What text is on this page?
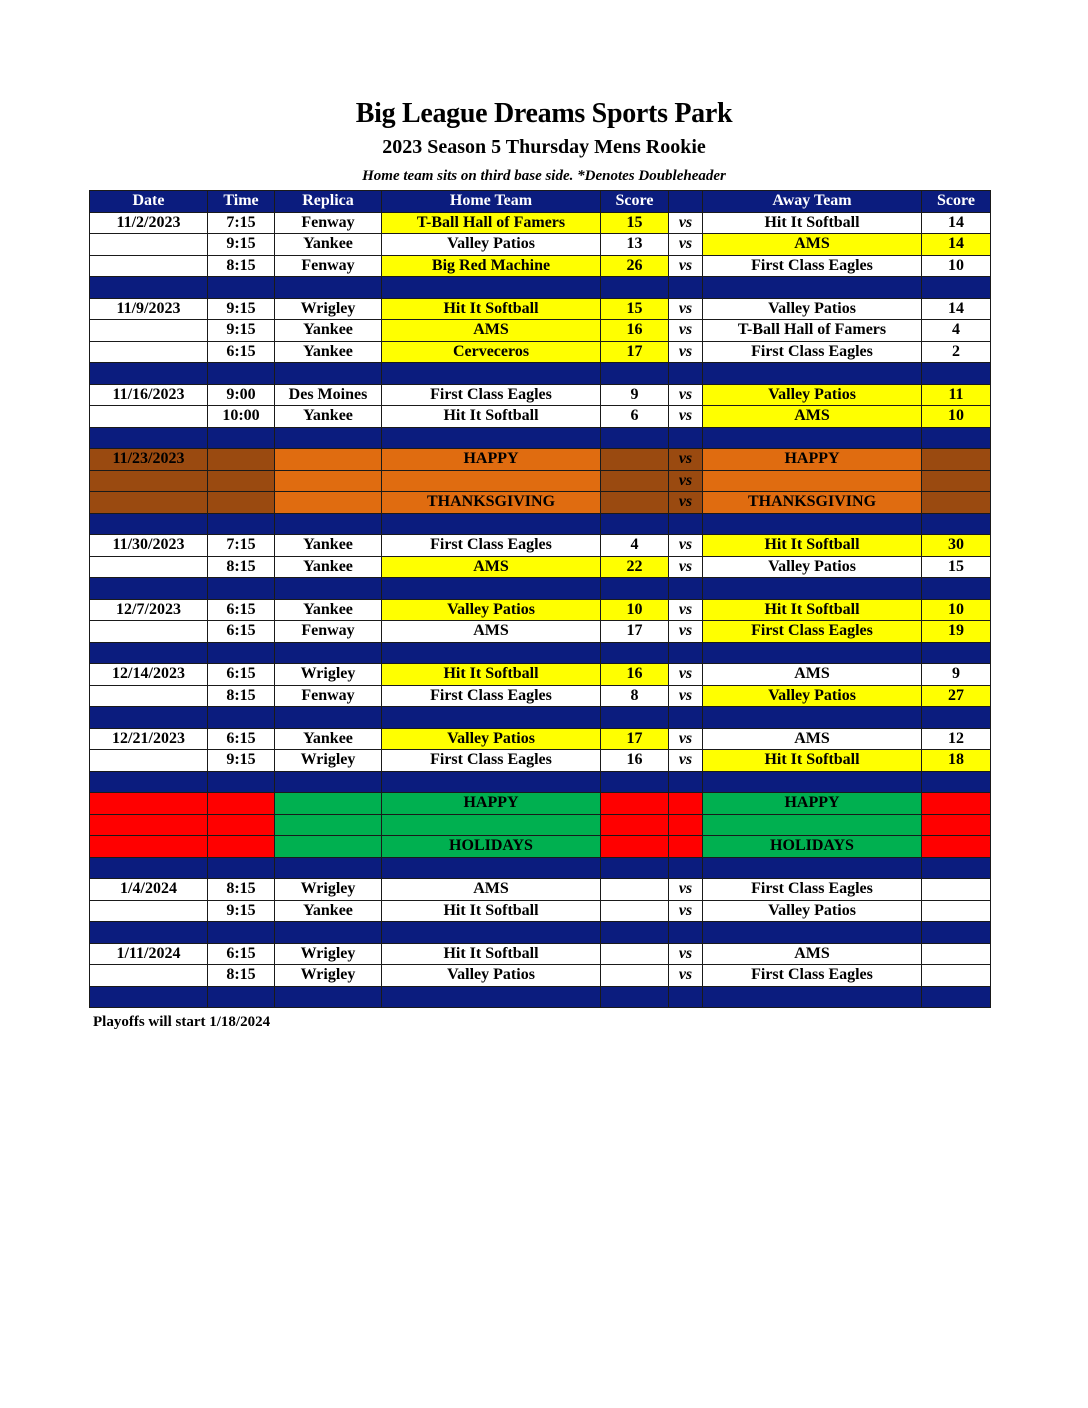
Big League Dreams Sports Park
2023 Season 5 Thursday Mens Rookie
Home team sits on third base side. *Denotes Doubleheader
Date	Time	Replica	Home Team	Score		Away Team	Score
11/2/2023	7:15	Fenway	T-Ball Hall of Famers	15	vs	Hit It Softball	14
	9:15	Yankee	Valley Patios	13	vs	AMS	14
	8:15	Fenway	Big Red Machine	26	vs	First Class Eagles	10

11/9/2023	9:15	Wrigley	Hit It Softball	15	vs	Valley Patios	14
	9:15	Yankee	AMS	16	vs	T-Ball Hall of Famers	4
	6:15	Yankee	Cerveceros	17	vs	First Class Eagles	2

11/16/2023	9:00	Des Moines	First Class Eagles	9	vs	Valley Patios	11
	10:00	Yankee	Hit It Softball	6	vs	AMS	10

11/23/2023			HAPPY		vs	HAPPY	
					vs		
			THANKSGIVING		vs	THANKSGIVING	

11/30/2023	7:15	Yankee	First Class Eagles	4	vs	Hit It Softball	30
	8:15	Yankee	AMS	22	vs	Valley Patios	15

12/7/2023	6:15	Yankee	Valley Patios	10	vs	Hit It Softball	10
	6:15	Fenway	AMS	17	vs	First Class Eagles	19

12/14/2023	6:15	Wrigley	Hit It Softball	16	vs	AMS	9
	8:15	Fenway	First Class Eagles	8	vs	Valley Patios	27

12/21/2023	6:15	Yankee	Valley Patios	17	vs	AMS	12
	9:15	Wrigley	First Class Eagles	16	vs	Hit It Softball	18

12/28/2023			HAPPY		vs	HAPPY	
					vs		
			HOLIDAYS		vs	HOLIDAYS	

1/4/2024	8:15	Wrigley	AMS		vs	First Class Eagles	
	9:15	Yankee	Hit It Softball		vs	Valley Patios	

1/11/2024	6:15	Wrigley	Hit It Softball		vs	AMS	
	8:15	Wrigley	Valley Patios		vs	First Class Eagles	

Playoffs will start 1/18/2024
